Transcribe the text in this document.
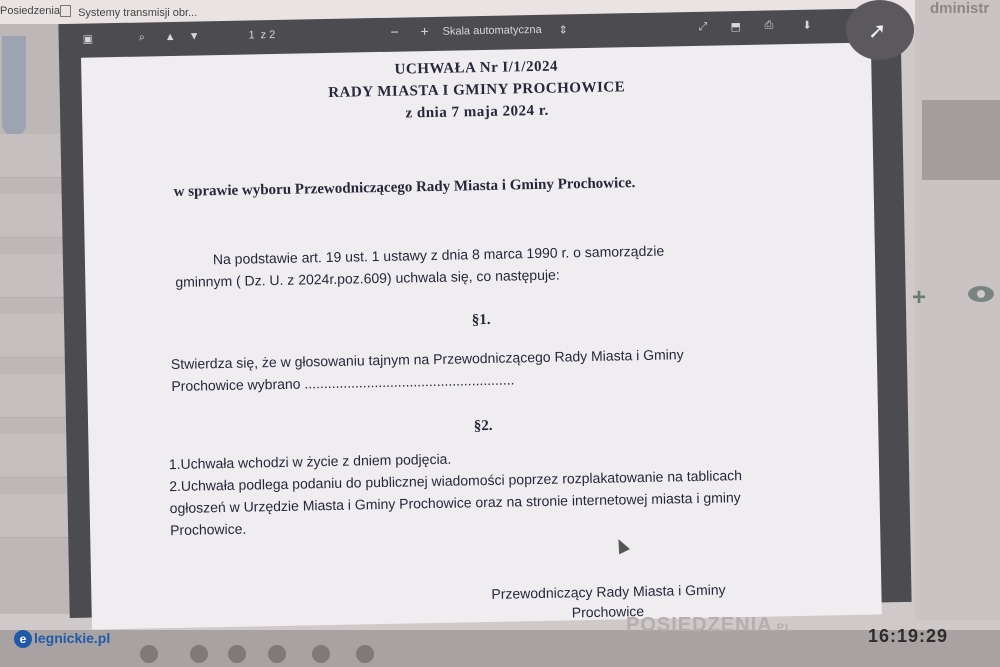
Posiedzenia	Systemy transmisji obr...	dministr
+
▣	⌕ ▲ ▼	1 z 2	− + Skala automatyczna ⇕	⤢ ⬒ ⎙	⬇
UCHWAŁA Nr I/1/2024
RADY MIASTA I GMINY PROCHOWICE
z dnia 7 maja 2024 r.
w sprawie wyboru Przewodniczącego Rady Miasta i Gminy Prochowice.
Na podstawie art. 19 ust. 1 ustawy z dnia 8 marca 1990 r. o samorządzie
gminnym ( Dz. U. z 2024r.poz.609) uchwala się, co następuje:
§1.
Stwierdza się, że w głosowaniu tajnym na Przewodniczącego Rady Miasta i Gminy
Prochowice wybrano ......................................................
§2.
1.Uchwała wchodzi w życie z dniem podjęcia.
2.Uchwała podlega podaniu do publicznej wiadomości poprzez rozplakatowanie na tablicach
ogłoszeń w Urzędzie Miasta i Gminy Prochowice oraz na stronie internetowej miasta i gminy
Prochowice.
Przewodniczący Rady Miasta i Gminy
Prochowice
➚
e legnickie.pl
POSIEDZENIA.PL	16:19:29
